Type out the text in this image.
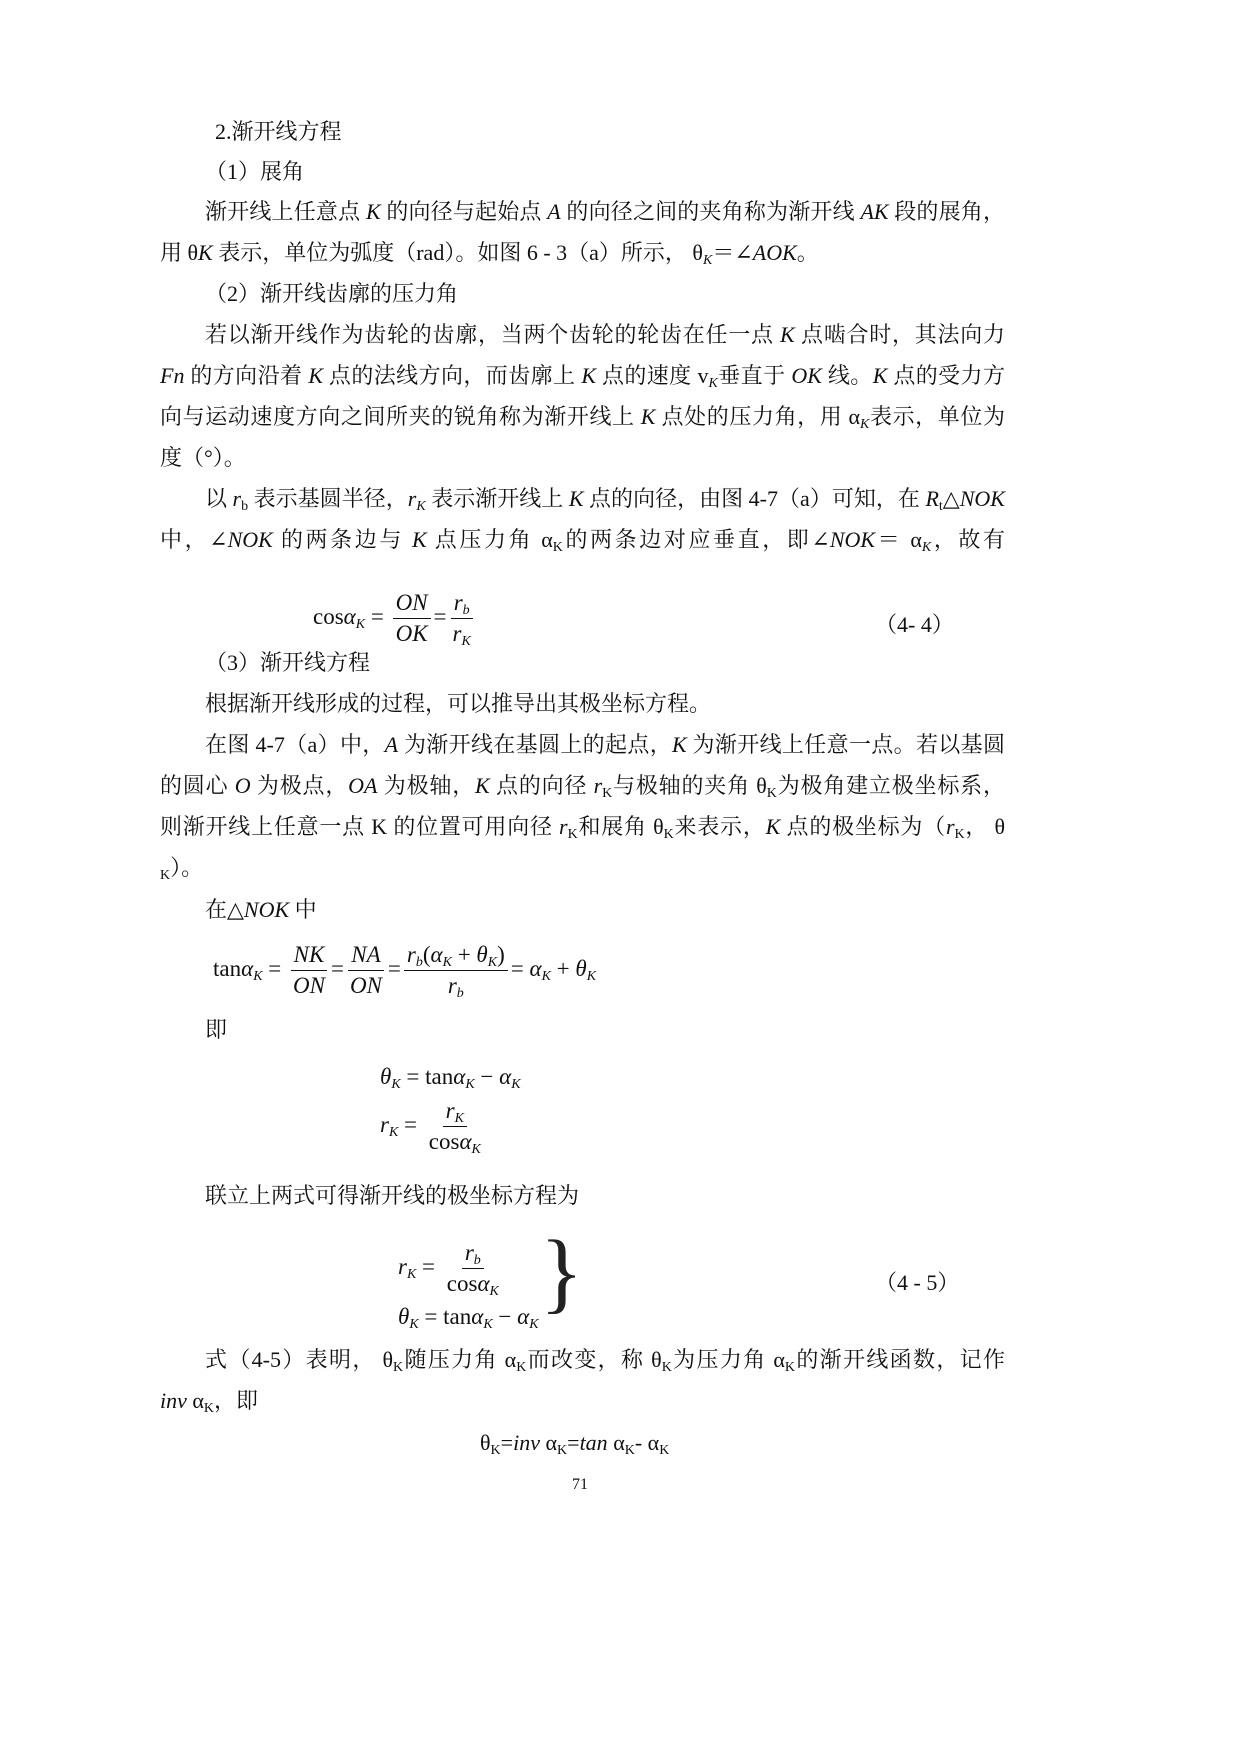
2.渐开线方程
（1）展角
渐开线上任意点 K 的向径与起始点 A 的向径之间的夹角称为渐开线 AK 段的展角，
用 θK 表示，单位为弧度（rad）。如图 6 - 3（a）所示， $\theta_K=\angle AOK$。
（2）渐开线齿廓的压力角
若以渐开线作为齿轮的齿廓，当两个齿轮的轮齿在任一点 K 点啮合时，其法向力
Fn 的方向沿着 K 点的法线方向，而齿廓上 K 点的速度 $v_K$垂直于 OK 线。K 点的受力方
向与运动速度方向之间所夹的锐角称为渐开线上 K 点处的压力角，用 $\alpha_K$表示，单位为
度（°）。
以 $r_b$ 表示基圆半径，$r_K$ 表示渐开线上 K 点的向径，由图 4-7（a）可知，在 $R_t\triangle NOK$
中，∠NOK 的两条边与 K 点压力角 $\alpha_K$的两条边对应垂直，即∠NOK＝ $\alpha_K$，故有
（3）渐开线方程
根据渐开线形成的过程，可以推导出其极坐标方程。
在图 4-7（a）中，A 为渐开线在基圆上的起点，K 为渐开线上任意一点。若以基圆
的圆心 O 为极点，OA 为极轴，K 点的向径 $r_K$与极轴的夹角 $\theta_K$为极角建立极坐标系，
则渐开线上任意一点 K 的位置可用向径 $r_K$和展角 $\theta_K$来表示，K 点的极坐标为（$r_K$， θ
$_K$）。
在△NOK 中
即
联立上两式可得渐开线的极坐标方程为
式（4-5）表明， $\theta_K$随压力角 $\alpha_K$而改变，称 $\theta_K$为压力角 $\alpha_K$的渐开线函数，记作
inv $\alpha_K$，即
$\theta_K=inv$ $\alpha_K=\tan$ $\alpha_K-$ $\alpha_K$
$\cos\alpha_K = \frac{ON}{OK} = \frac{r_b}{r_K}$
$\tan\alpha_K = \frac{NK}{ON} = \frac{NA}{ON} = \frac{r_b(\alpha_K + \theta_K)}{r_b} = \alpha_K + \theta_K$
$\theta_K = \tan\alpha_K - \alpha_K$
$r_K = \frac{r_K}{\cos\alpha_K}$
$r_K = \frac{r_b}{\cos\alpha_K}$
$\theta_K = \tan\alpha_K - \alpha_K$
（4- 4）
}	（4 - 5）
71
